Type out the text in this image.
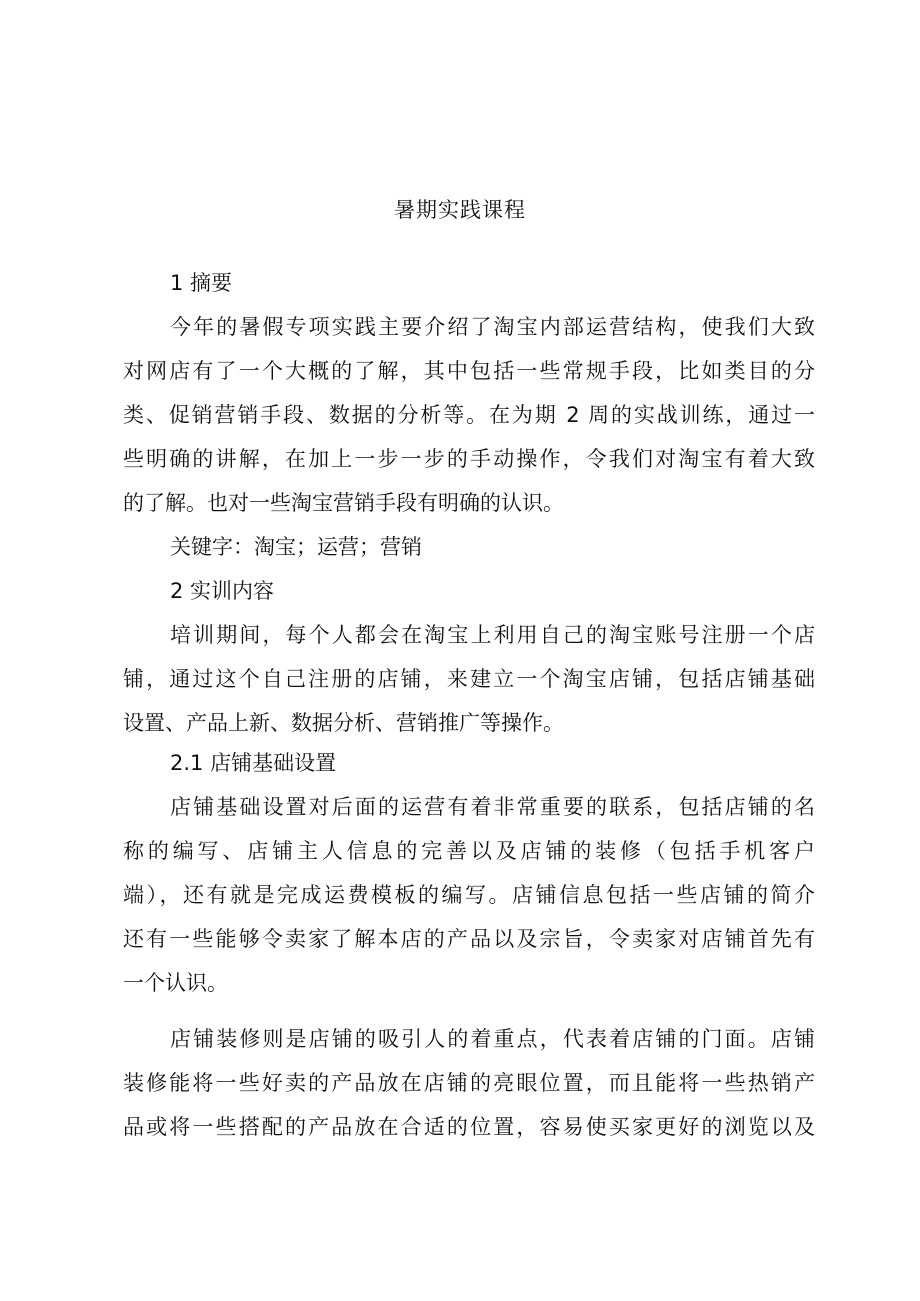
暑期实践课程
1 摘要
今年的暑假专项实践主要介绍了淘宝内部运营结构，使我们大致
对网店有了一个大概的了解，其中包括一些常规手段，比如类目的分
类、促销营销手段、数据的分析等。在为期 2 周的实战训练，通过一
些明确的讲解，在加上一步一步的手动操作，令我们对淘宝有着大致
的了解。也对一些淘宝营销手段有明确的认识。
关键字：淘宝；运营；营销
2 实训内容
培训期间，每个人都会在淘宝上利用自己的淘宝账号注册一个店
铺，通过这个自己注册的店铺，来建立一个淘宝店铺，包括店铺基础
设置、产品上新、数据分析、营销推广等操作。
2.1 店铺基础设置
店铺基础设置对后面的运营有着非常重要的联系，包括店铺的名
称的编写、店铺主人信息的完善以及店铺的装修（包括手机客户
端），还有就是完成运费模板的编写。店铺信息包括一些店铺的简介
还有一些能够令卖家了解本店的产品以及宗旨，令卖家对店铺首先有
一个认识。
店铺装修则是店铺的吸引人的着重点，代表着店铺的门面。店铺
装修能将一些好卖的产品放在店铺的亮眼位置，而且能将一些热销产
品或将一些搭配的产品放在合适的位置，容易使买家更好的浏览以及
